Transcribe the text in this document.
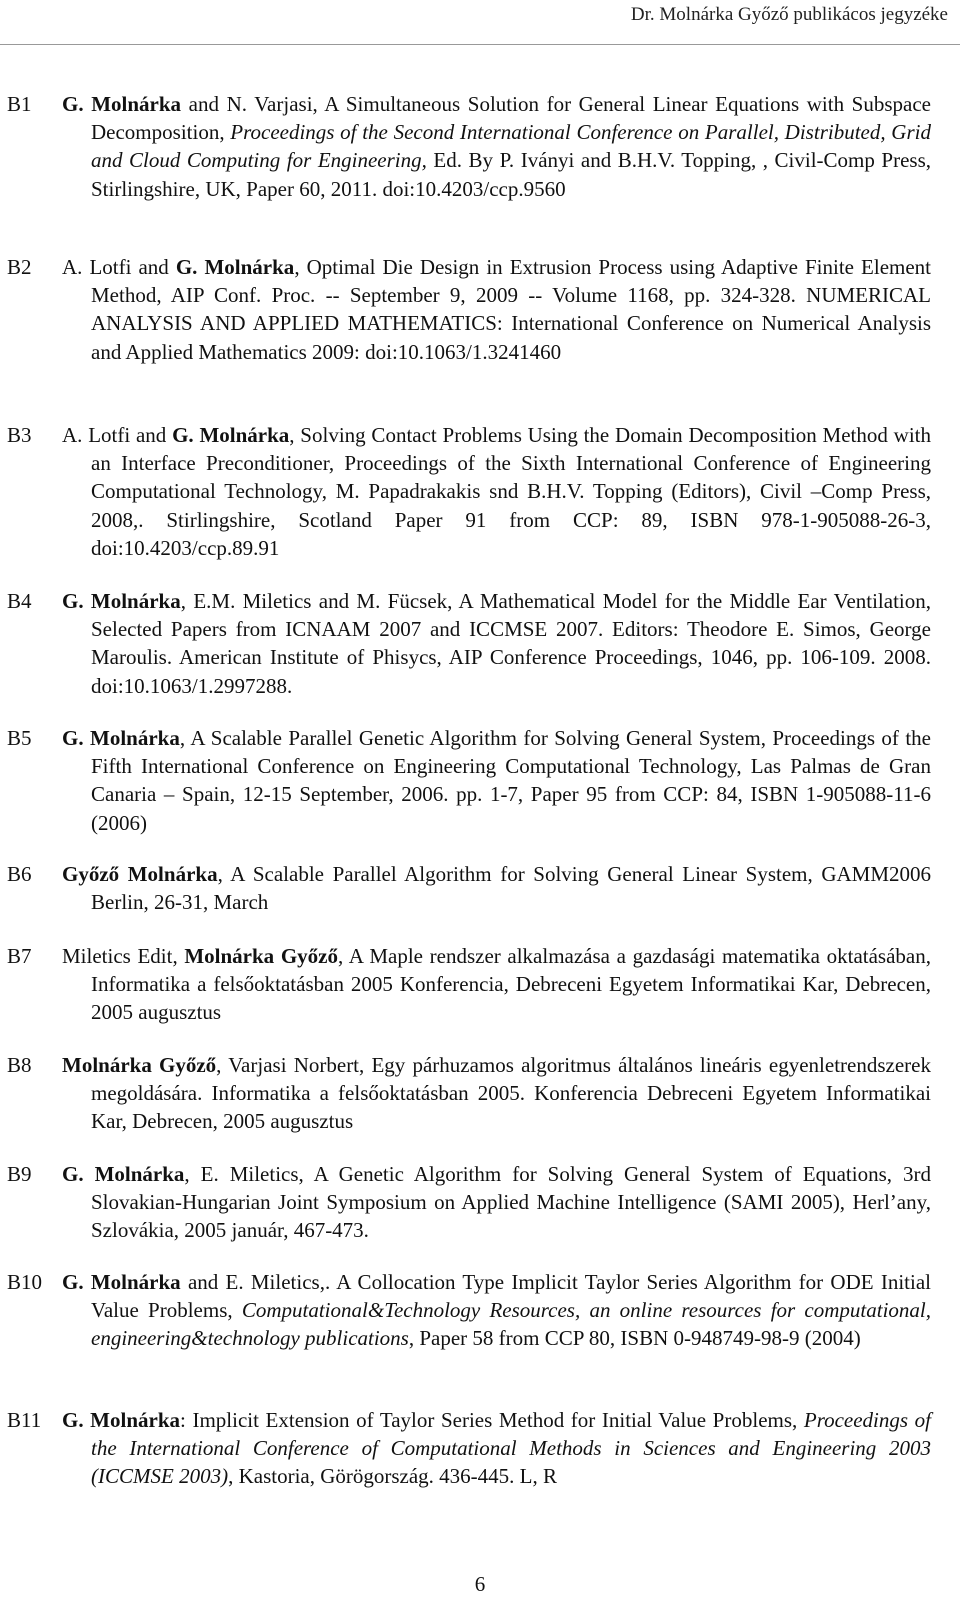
Dr. Molnárka Győző publikácos jegyzéke
B1 G. Molnárka and N. Varjasi, A Simultaneous Solution for General Linear Equations with Subspace Decomposition, Proceedings of the Second International Conference on Parallel, Distributed, Grid and Cloud Computing for Engineering, Ed. By P. Iványi and B.H.V. Topping, , Civil-Comp Press, Stirlingshire, UK, Paper 60, 2011. doi:10.4203/ccp.9560
B2 A. Lotfi and G. Molnárka, Optimal Die Design in Extrusion Process using Adaptive Finite Element Method, AIP Conf. Proc. -- September 9, 2009 -- Volume 1168, pp. 324-328. NUMERICAL ANALYSIS AND APPLIED MATHEMATICS: International Conference on Numerical Analysis and Applied Mathematics 2009: doi:10.1063/1.3241460
B3 A. Lotfi and G. Molnárka, Solving Contact Problems Using the Domain Decomposition Method with an Interface Preconditioner, Proceedings of the Sixth International Conference of Engineering Computational Technology, M. Papadrakakis snd B.H.V. Topping (Editors), Civil –Comp Press, 2008,. Stirlingshire, Scotland Paper 91 from CCP: 89, ISBN 978-1-905088-26-3, doi:10.4203/ccp.89.91
B4 G. Molnárka, E.M. Miletics and M. Fücsek, A Mathematical Model for the Middle Ear Ventilation, Selected Papers from ICNAAM 2007 and ICCMSE 2007. Editors: Theodore E. Simos, George Maroulis. American Institute of Phisycs, AIP Conference Proceedings, 1046, pp. 106-109. 2008. doi:10.1063/1.2997288.
B5 G. Molnárka, A Scalable Parallel Genetic Algorithm for Solving General System, Proceedings of the Fifth International Conference on Engineering Computational Technology, Las Palmas de Gran Canaria – Spain, 12-15 September, 2006. pp. 1-7, Paper 95 from CCP: 84, ISBN 1-905088-11-6 (2006)
B6 Győző Molnárka, A Scalable Parallel Algorithm for Solving General Linear System, GAMM2006 Berlin, 26-31, March
B7 Miletics Edit, Molnárka Győző, A Maple rendszer alkalmazása a gazdasági matematika oktatásában, Informatika a felsőoktatásban 2005 Konferencia, Debreceni Egyetem Informatikai Kar, Debrecen, 2005 augusztus
B8 Molnárka Győző, Varjasi Norbert, Egy párhuzamos algoritmus általános lineáris egyenletrendszerek megoldására. Informatika a felsőoktatásban 2005. Konferencia Debreceni Egyetem Informatikai Kar, Debrecen, 2005 augusztus
B9 G. Molnárka, E. Miletics, A Genetic Algorithm for Solving General System of Equations, 3rd Slovakian-Hungarian Joint Symposium on Applied Machine Intelligence (SAMI 2005), Herl’any, Szlovákia, 2005 január, 467-473.
B10 G. Molnárka and E. Miletics,. A Collocation Type Implicit Taylor Series Algorithm for ODE Initial Value Problems, Computational&Technology Resources, an online resources for computational, engineering&technology publications, Paper 58 from CCP 80, ISBN 0-948749-98-9 (2004)
B11 G. Molnárka: Implicit Extension of Taylor Series Method for Initial Value Problems, Proceedings of the International Conference of Computational Methods in Sciences and Engineering 2003 (ICCMSE 2003), Kastoria, Görögország. 436-445. L, R
6
